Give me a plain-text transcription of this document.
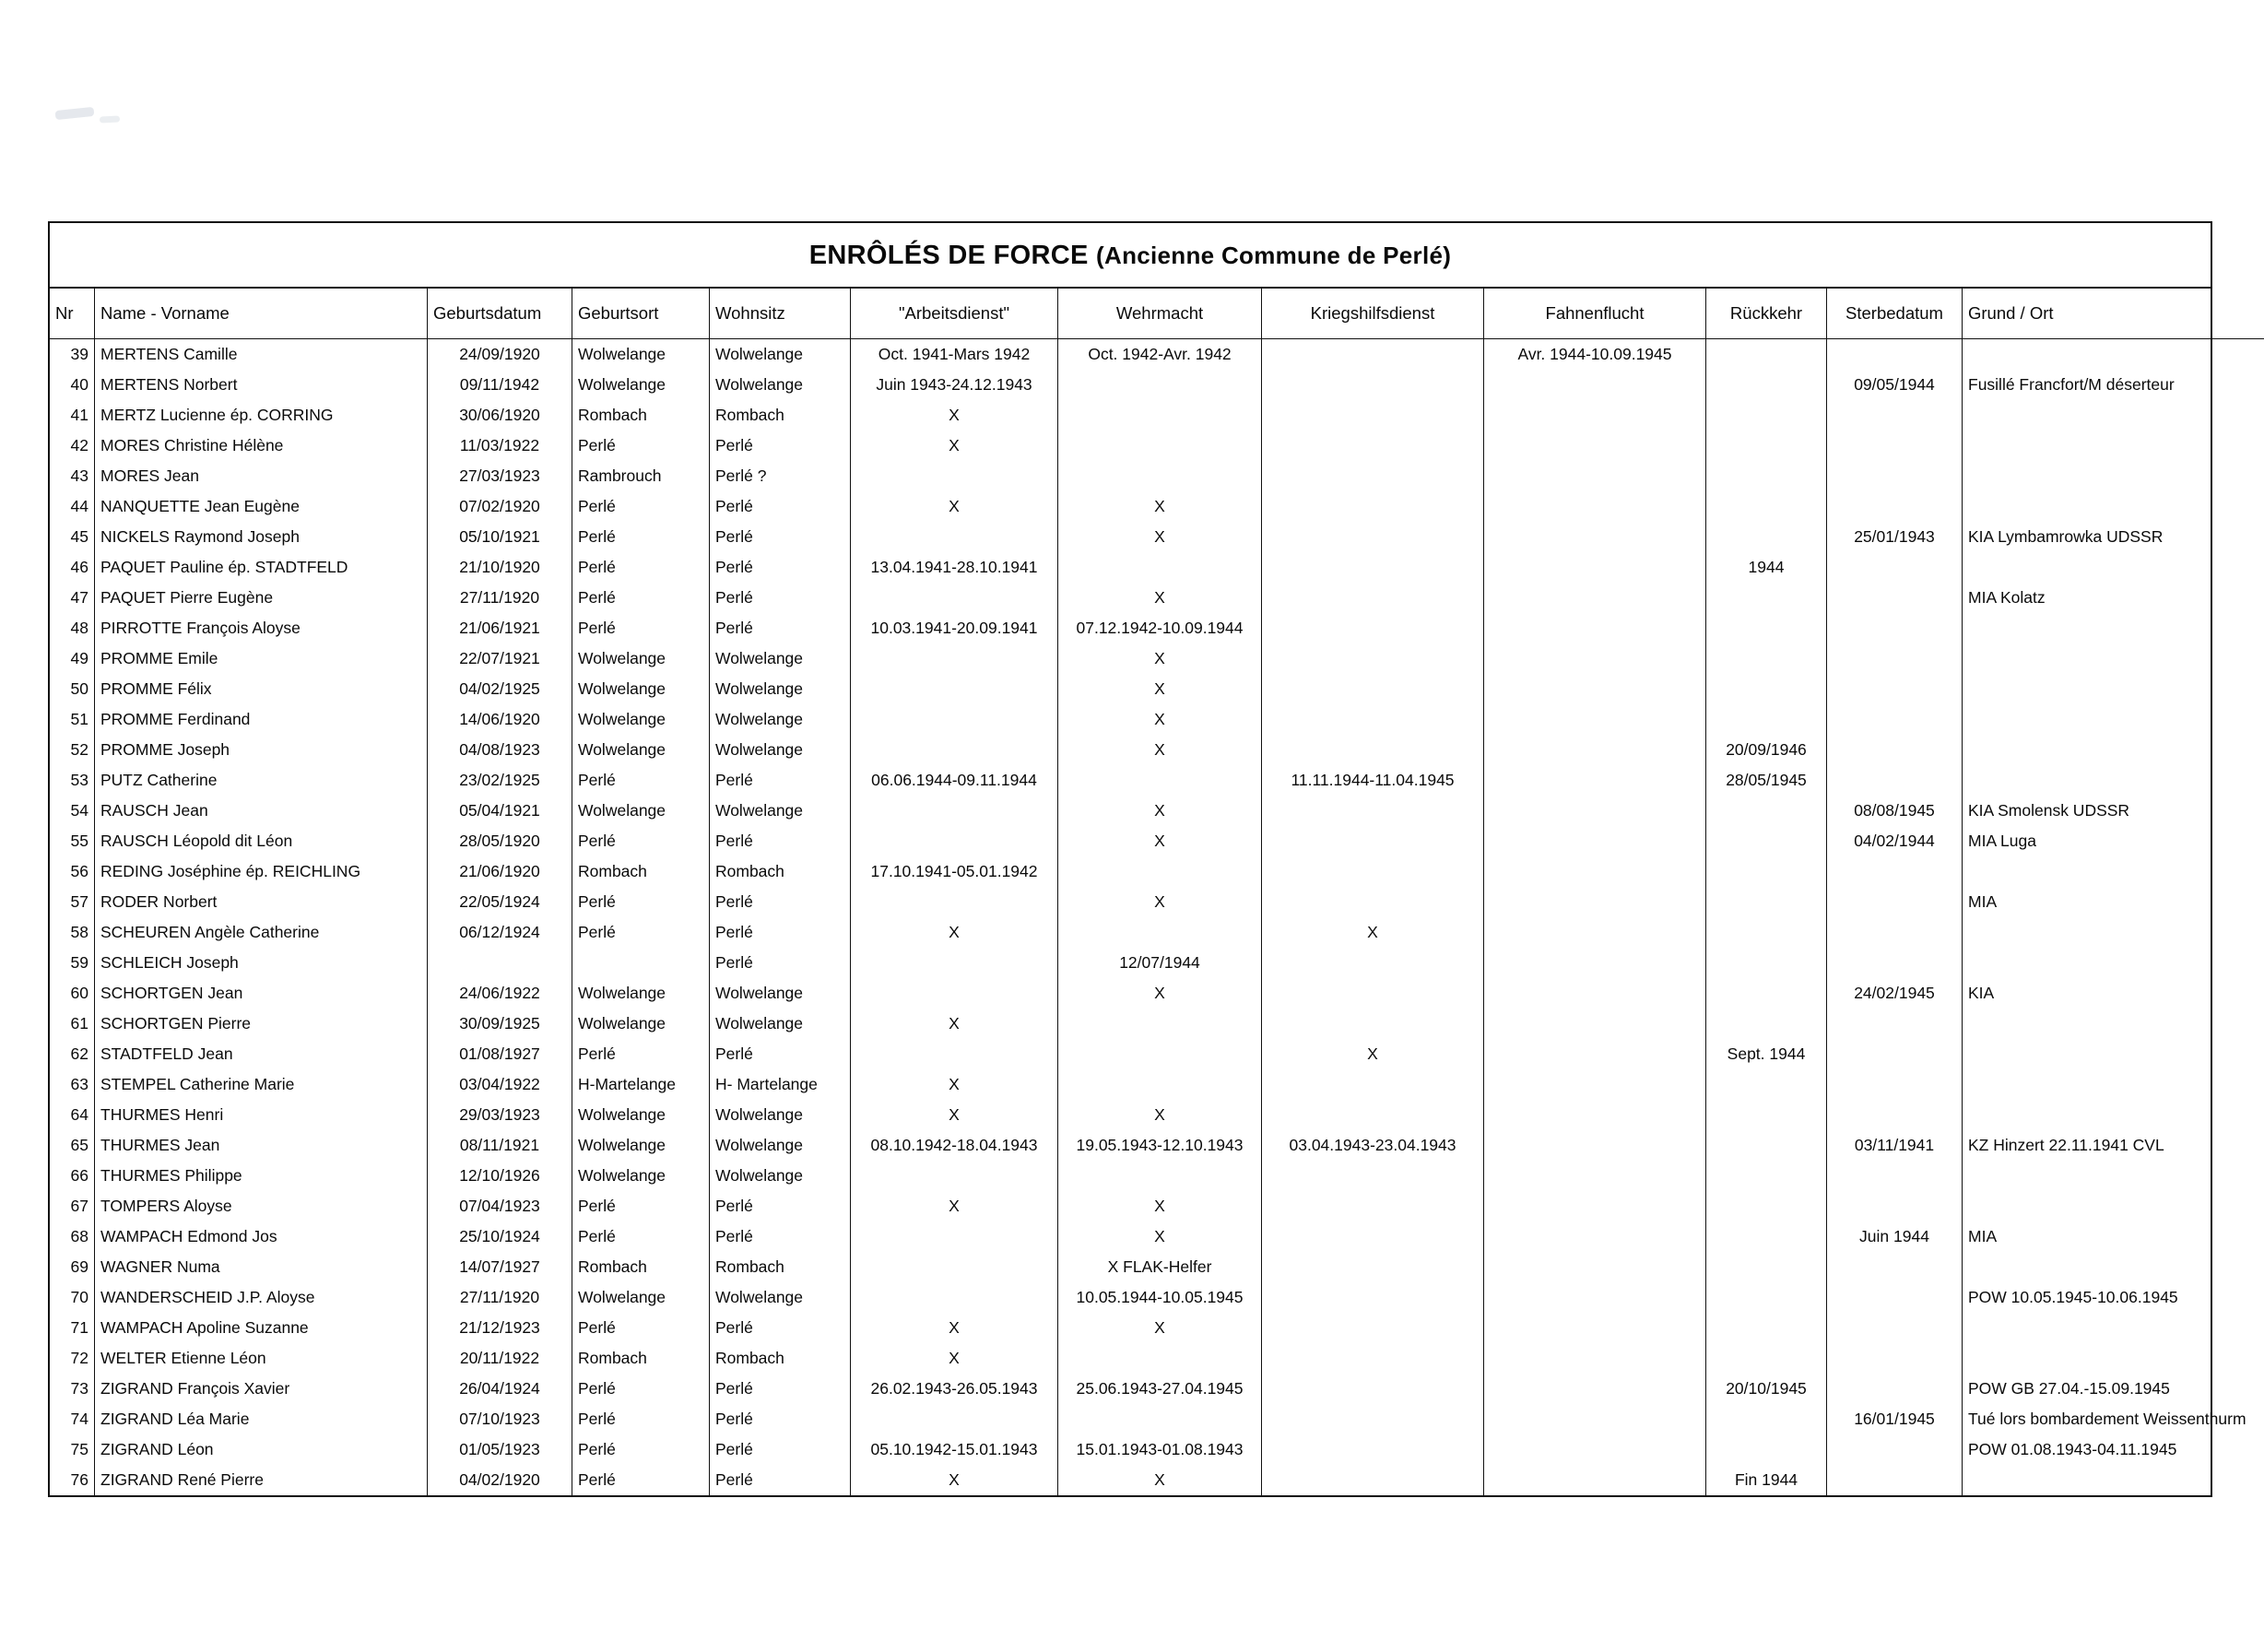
ENRÔLÉS DE FORCE (Ancienne Commune de Perlé)
Nr	Name - Vorname	Geburtsdatum	Geburtsort	Wohnsitz	"Arbeitsdienst"	Wehrmacht	Kriegshilfsdienst	Fahnenflucht	Rückkehr	Sterbedatum	Grund / Ort
39	MERTENS Camille	24/09/1920	Wolwelange	Wolwelange	Oct. 1941-Mars 1942	Oct. 1942-Avr. 1942		Avr. 1944-10.09.1945			
40	MERTENS Norbert	09/11/1942	Wolwelange	Wolwelange	Juin 1943-24.12.1943					09/05/1944	Fusillé Francfort/M déserteur
41	MERTZ Lucienne ép. CORRING	30/06/1920	Rombach	Rombach	X						
42	MORES Christine Hélène	11/03/1922	Perlé	Perlé	X						
43	MORES Jean	27/03/1923	Rambrouch	Perlé ?							
44	NANQUETTE Jean Eugène	07/02/1920	Perlé	Perlé	X	X					
45	NICKELS Raymond Joseph	05/10/1921	Perlé	Perlé		X				25/01/1943	KIA Lymbamrowka UDSSR
46	PAQUET Pauline ép. STADTFELD	21/10/1920	Perlé	Perlé	13.04.1941-28.10.1941				1944		
47	PAQUET Pierre Eugène	27/11/1920	Perlé	Perlé		X					MIA Kolatz
48	PIRROTTE François Aloyse	21/06/1921	Perlé	Perlé	10.03.1941-20.09.1941	07.12.1942-10.09.1944					
49	PROMME Emile	22/07/1921	Wolwelange	Wolwelange		X					
50	PROMME Félix	04/02/1925	Wolwelange	Wolwelange		X					
51	PROMME Ferdinand	14/06/1920	Wolwelange	Wolwelange		X					
52	PROMME Joseph	04/08/1923	Wolwelange	Wolwelange		X			20/09/1946		
53	PUTZ Catherine	23/02/1925	Perlé	Perlé	06.06.1944-09.11.1944		11.11.1944-11.04.1945		28/05/1945		
54	RAUSCH Jean	05/04/1921	Wolwelange	Wolwelange		X				08/08/1945	KIA Smolensk UDSSR
55	RAUSCH Léopold dit Léon	28/05/1920	Perlé	Perlé		X				04/02/1944	MIA Luga
56	REDING Joséphine ép. REICHLING	21/06/1920	Rombach	Rombach	17.10.1941-05.01.1942						
57	RODER Norbert	22/05/1924	Perlé	Perlé		X					MIA
58	SCHEUREN Angèle Catherine	06/12/1924	Perlé	Perlé	X		X				
59	SCHLEICH Joseph			Perlé		12/07/1944					
60	SCHORTGEN Jean	24/06/1922	Wolwelange	Wolwelange		X				24/02/1945	KIA
61	SCHORTGEN Pierre	30/09/1925	Wolwelange	Wolwelange	X						
62	STADTFELD Jean	01/08/1927	Perlé	Perlé			X		Sept. 1944		
63	STEMPEL Catherine Marie	03/04/1922	H-Martelange	H- Martelange	X						
64	THURMES Henri	29/03/1923	Wolwelange	Wolwelange	X	X					
65	THURMES Jean	08/11/1921	Wolwelange	Wolwelange	08.10.1942-18.04.1943	19.05.1943-12.10.1943	03.04.1943-23.04.1943			03/11/1941	KZ Hinzert 22.11.1941 CVL
66	THURMES Philippe	12/10/1926	Wolwelange	Wolwelange							
67	TOMPERS Aloyse	07/04/1923	Perlé	Perlé	X	X					
68	WAMPACH Edmond Jos	25/10/1924	Perlé	Perlé		X				Juin 1944	MIA
69	WAGNER Numa	14/07/1927	Rombach	Rombach		X FLAK-Helfer					
70	WANDERSCHEID J.P. Aloyse	27/11/1920	Wolwelange	Wolwelange		10.05.1944-10.05.1945					POW 10.05.1945-10.06.1945
71	WAMPACH Apoline Suzanne	21/12/1923	Perlé	Perlé	X	X					
72	WELTER Etienne Léon	20/11/1922	Rombach	Rombach	X						
73	ZIGRAND François Xavier	26/04/1924	Perlé	Perlé	26.02.1943-26.05.1943	25.06.1943-27.04.1945			20/10/1945		POW GB 27.04.-15.09.1945
74	ZIGRAND Léa Marie	07/10/1923	Perlé	Perlé						16/01/1945	Tué lors bombardement Weissenthurm
75	ZIGRAND Léon	01/05/1923	Perlé	Perlé	05.10.1942-15.01.1943	15.01.1943-01.08.1943					POW 01.08.1943-04.11.1945
76	ZIGRAND René Pierre	04/02/1920	Perlé	Perlé	X	X			Fin 1944		
